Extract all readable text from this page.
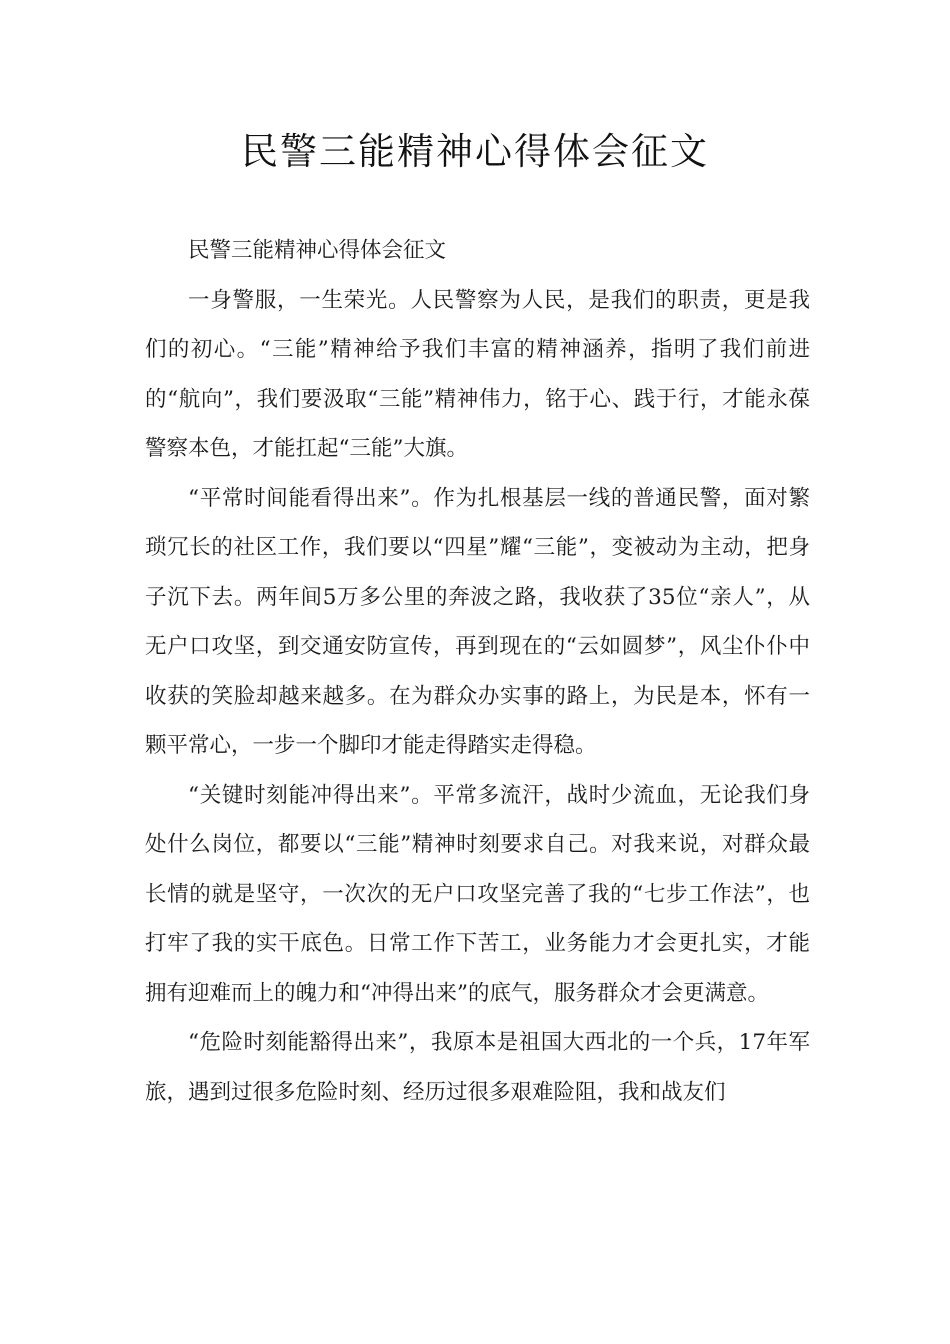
民警三能精神心得体会征文

民警三能精神心得体会征文

一身警服，一生荣光。人民警察为人民，是我们的职责，更是我们的初心。“三能”精神给予我们丰富的精神涵养，指明了我们前进的“航向”，我们要汲取“三能”精神伟力，铭于心、践于行，才能永葆警察本色，才能扛起“三能”大旗。

“平常时间能看得出来”。作为扎根基层一线的普通民警，面对繁琐冗长的社区工作，我们要以“四星”耀“三能”，变被动为主动，把身子沉下去。两年间5万多公里的奔波之路，我收获了35位“亲人”，从无户口攻坚，到交通安防宣传，再到现在的“云如圆梦”，风尘仆仆中收获的笑脸却越来越多。在为群众办实事的路上，为民是本，怀有一颗平常心，一步一个脚印才能走得踏实走得稳。

“关键时刻能冲得出来”。平常多流汗，战时少流血，无论我们身处什么岗位，都要以“三能”精神时刻要求自己。对我来说，对群众最长情的就是坚守，一次次的无户口攻坚完善了我的“七步工作法”，也打牢了我的实干底色。日常工作下苦工，业务能力才会更扎实，才能拥有迎难而上的魄力和“冲得出来”的底气，服务群众才会更满意。

“危险时刻能豁得出来”，我原本是祖国大西北的一个兵，17年军旅，遇到过很多危险时刻、经历过很多艰难险阻，我和战友们
